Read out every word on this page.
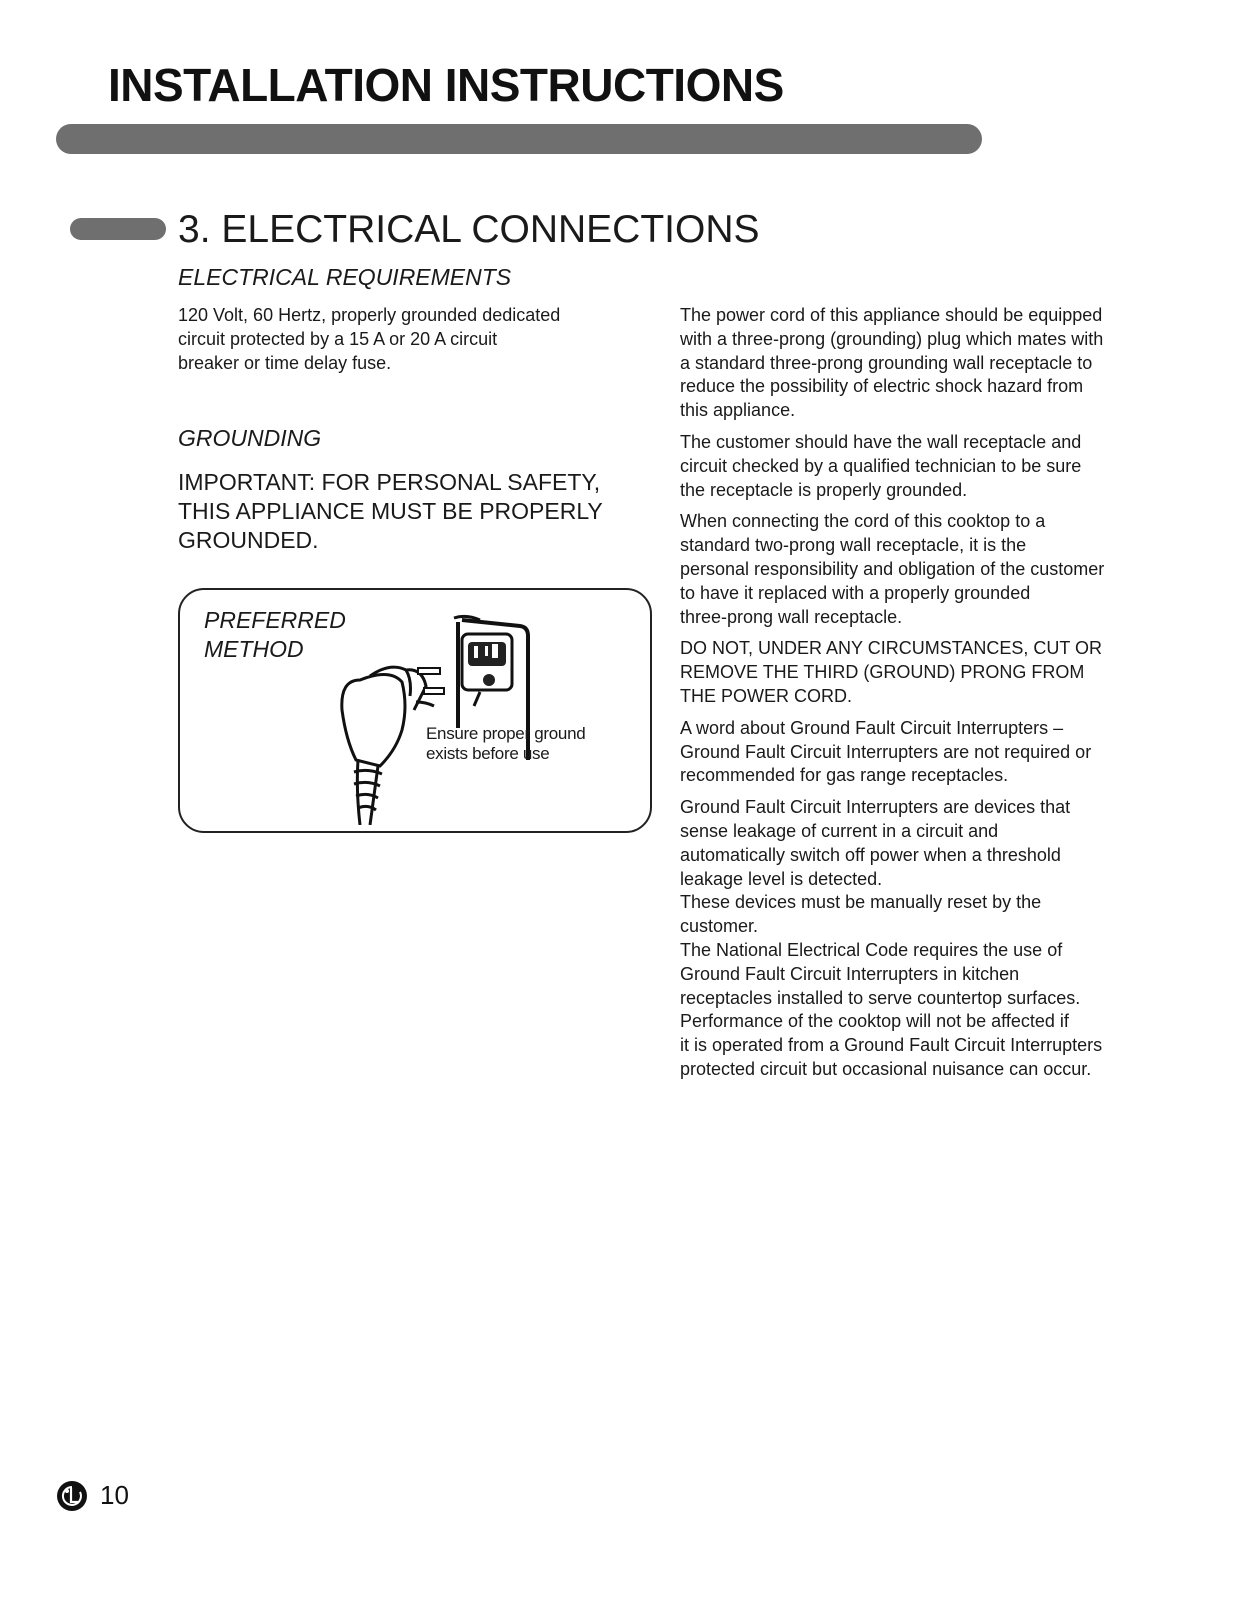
INSTALLATION INSTRUCTIONS
3. ELECTRICAL CONNECTIONS
ELECTRICAL REQUIREMENTS

120 Volt, 60 Hertz, properly grounded dedicated
circuit protected by a 15 A or 20 A circuit
breaker or time delay fuse.

GROUNDING

IMPORTANT: FOR PERSONAL SAFETY,
THIS APPLIANCE MUST BE PROPERLY
GROUNDED.

PREFERRED
METHOD
Ensure proper ground
exists before use

The power cord of this appliance should be equipped
with a three-prong (grounding) plug which mates with
a standard three-prong grounding wall receptacle to
reduce the possibility of electric shock hazard from
this appliance.

The customer should have the wall receptacle and
circuit checked by a qualified technician to be sure
the receptacle is properly grounded.

When connecting the cord of this cooktop to a
standard two-prong wall receptacle, it is the
personal responsibility and obligation of the customer
to have it replaced with a properly grounded
three-prong wall receptacle.

DO NOT, UNDER ANY CIRCUMSTANCES, CUT OR
REMOVE THE THIRD (GROUND) PRONG FROM
THE POWER CORD.

A word about Ground Fault Circuit Interrupters –
Ground Fault Circuit Interrupters are not required or
recommended for gas range receptacles.

Ground Fault Circuit Interrupters are devices that
sense leakage of current in a circuit and
automatically switch off power when a threshold
leakage level is detected.
These devices must be manually reset by the
customer.
The National Electrical Code requires the use of
Ground Fault Circuit Interrupters in kitchen
receptacles installed to serve countertop surfaces.
Performance of the cooktop will not be affected if
it is operated from a Ground Fault Circuit Interrupters
protected circuit but occasional nuisance can occur.

10
